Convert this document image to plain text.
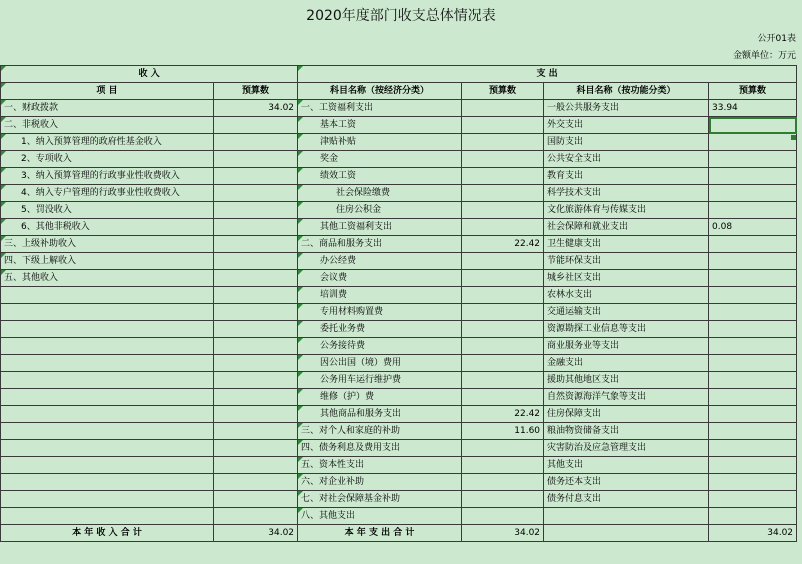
2020年度部门收支总体情况表
公开01表
金额单位：万元
收 入		支 出			
项 目	预算数	科目名称（按经济分类）	预算数	科目名称（按功能分类）	预算数
一、财政拨款	34.02	一、工资福利支出		一般公共服务支出	33.94
二、非税收入		基本工资		外交支出	
1、纳入预算管理的政府性基金收入		津贴补贴		国防支出	
2、专项收入		奖金		公共安全支出	
3、纳入预算管理的行政事业性收费收入		绩效工资		教育支出	
4、纳入专户管理的行政事业性收费收入		社会保险缴费		科学技术支出	
5、罚没收入		住房公积金		文化旅游体育与传媒支出	
6、其他非税收入		其他工资福利支出		社会保障和就业支出	0.08
三、上级补助收入		二、商品和服务支出	22.42	卫生健康支出	
四、下级上解收入		办公经费		节能环保支出	
五、其他收入		会议费		城乡社区支出	
		培训费		农林水支出	
		专用材料购置费		交通运输支出	
		委托业务费		资源勘探工业信息等支出	
		公务接待费		商业服务业等支出	
		因公出国（境）费用		金融支出	
		公务用车运行维护费		援助其他地区支出	
		维修（护）费		自然资源海洋气象等支出	
		其他商品和服务支出	22.42	住房保障支出	
		三、对个人和家庭的补助	11.60	粮油物资储备支出	
		四、债务利息及费用支出		灾害防治及应急管理支出	
		五、资本性支出		其他支出	
		六、对企业补助		债务还本支出	
		七、对社会保障基金补助		债务付息支出	
		八、其他支出			
本 年 收 入 合 计	34.02	本 年 支 出 合 计	34.02		34.02
